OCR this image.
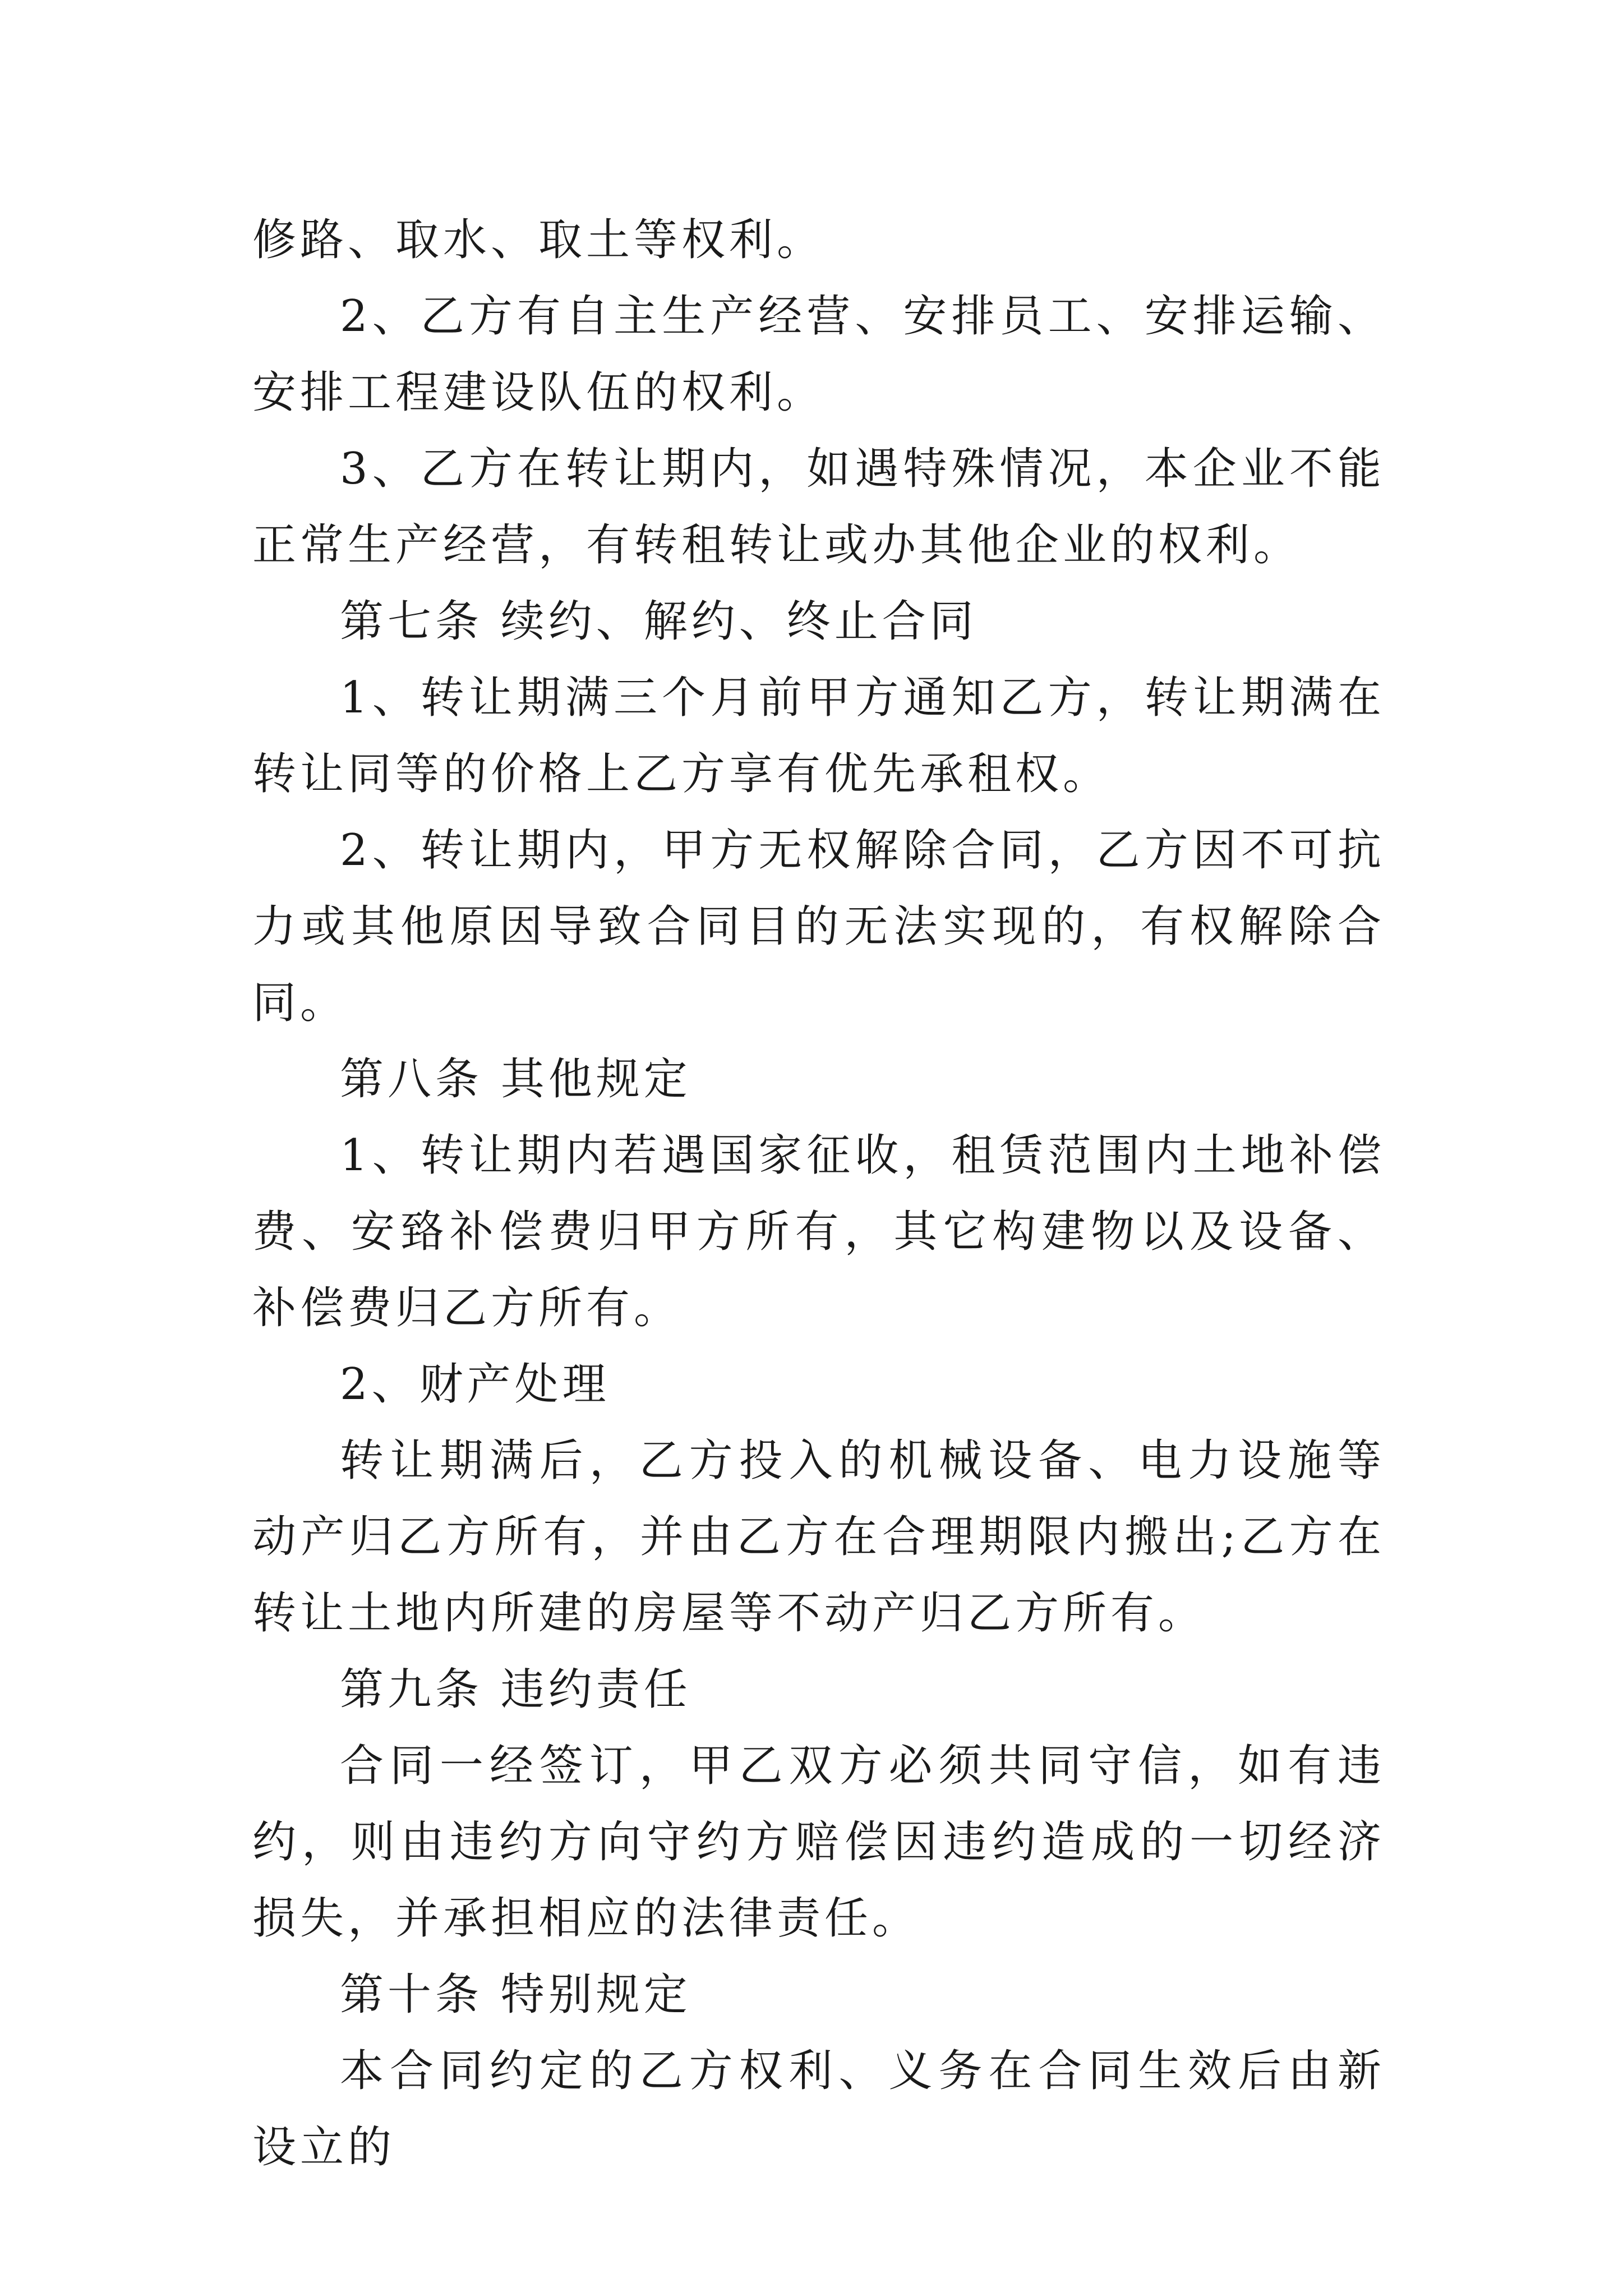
修路、取水、取土等权利。

2、乙方有自主生产经营、安排员工、安排运输、安排工程建设队伍的权利。

3、乙方在转让期内，如遇特殊情况，本企业不能正常生产经营，有转租转让或办其他企业的权利。

第七条 续约、解约、终止合同

1、转让期满三个月前甲方通知乙方，转让期满在转让同等的价格上乙方享有优先承租权。

2、转让期内，甲方无权解除合同，乙方因不可抗力或其他原因导致合同目的无法实现的，有权解除合同。

第八条 其他规定

1、转让期内若遇国家征收，租赁范围内土地补偿费、安臵补偿费归甲方所有，其它构建物以及设备、补偿费归乙方所有。

2、财产处理

转让期满后，乙方投入的机械设备、电力设施等动产归乙方所有，并由乙方在合理期限内搬出;乙方在转让土地内所建的房屋等不动产归乙方所有。

第九条 违约责任

合同一经签订，甲乙双方必须共同守信，如有违约，则由违约方向守约方赔偿因违约造成的一切经济损失，并承担相应的法律责任。

第十条 特别规定

本合同约定的乙方权利、义务在合同生效后由新设立的
